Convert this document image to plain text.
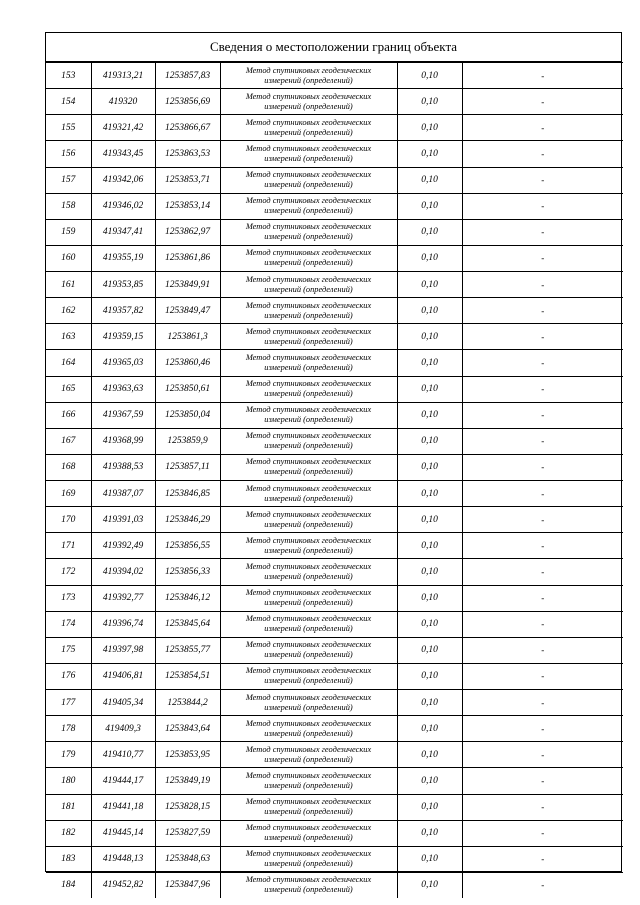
Сведения о местоположении границ объекта
153	419313,21	1253857,83	Метод спутниковых геодезических
измерений (определений)	0,10	-
154	419320	1253856,69	Метод спутниковых геодезических
измерений (определений)	0,10	-
155	419321,42	1253866,67	Метод спутниковых геодезических
измерений (определений)	0,10	-
156	419343,45	1253863,53	Метод спутниковых геодезических
измерений (определений)	0,10	-
157	419342,06	1253853,71	Метод спутниковых геодезических
измерений (определений)	0,10	-
158	419346,02	1253853,14	Метод спутниковых геодезических
измерений (определений)	0,10	-
159	419347,41	1253862,97	Метод спутниковых геодезических
измерений (определений)	0,10	-
160	419355,19	1253861,86	Метод спутниковых геодезических
измерений (определений)	0,10	-
161	419353,85	1253849,91	Метод спутниковых геодезических
измерений (определений)	0,10	-
162	419357,82	1253849,47	Метод спутниковых геодезических
измерений (определений)	0,10	-
163	419359,15	1253861,3	Метод спутниковых геодезических
измерений (определений)	0,10	-
164	419365,03	1253860,46	Метод спутниковых геодезических
измерений (определений)	0,10	-
165	419363,63	1253850,61	Метод спутниковых геодезических
измерений (определений)	0,10	-
166	419367,59	1253850,04	Метод спутниковых геодезических
измерений (определений)	0,10	-
167	419368,99	1253859,9	Метод спутниковых геодезических
измерений (определений)	0,10	-
168	419388,53	1253857,11	Метод спутниковых геодезических
измерений (определений)	0,10	-
169	419387,07	1253846,85	Метод спутниковых геодезических
измерений (определений)	0,10	-
170	419391,03	1253846,29	Метод спутниковых геодезических
измерений (определений)	0,10	-
171	419392,49	1253856,55	Метод спутниковых геодезических
измерений (определений)	0,10	-
172	419394,02	1253856,33	Метод спутниковых геодезических
измерений (определений)	0,10	-
173	419392,77	1253846,12	Метод спутниковых геодезических
измерений (определений)	0,10	-
174	419396,74	1253845,64	Метод спутниковых геодезических
измерений (определений)	0,10	-
175	419397,98	1253855,77	Метод спутниковых геодезических
измерений (определений)	0,10	-
176	419406,81	1253854,51	Метод спутниковых геодезических
измерений (определений)	0,10	-
177	419405,34	1253844,2	Метод спутниковых геодезических
измерений (определений)	0,10	-
178	419409,3	1253843,64	Метод спутниковых геодезических
измерений (определений)	0,10	-
179	419410,77	1253853,95	Метод спутниковых геодезических
измерений (определений)	0,10	-
180	419444,17	1253849,19	Метод спутниковых геодезических
измерений (определений)	0,10	-
181	419441,18	1253828,15	Метод спутниковых геодезических
измерений (определений)	0,10	-
182	419445,14	1253827,59	Метод спутниковых геодезических
измерений (определений)	0,10	-
183	419448,13	1253848,63	Метод спутниковых геодезических
измерений (определений)	0,10	-
184	419452,82	1253847,96	Метод спутниковых геодезических
измерений (определений)	0,10	-
